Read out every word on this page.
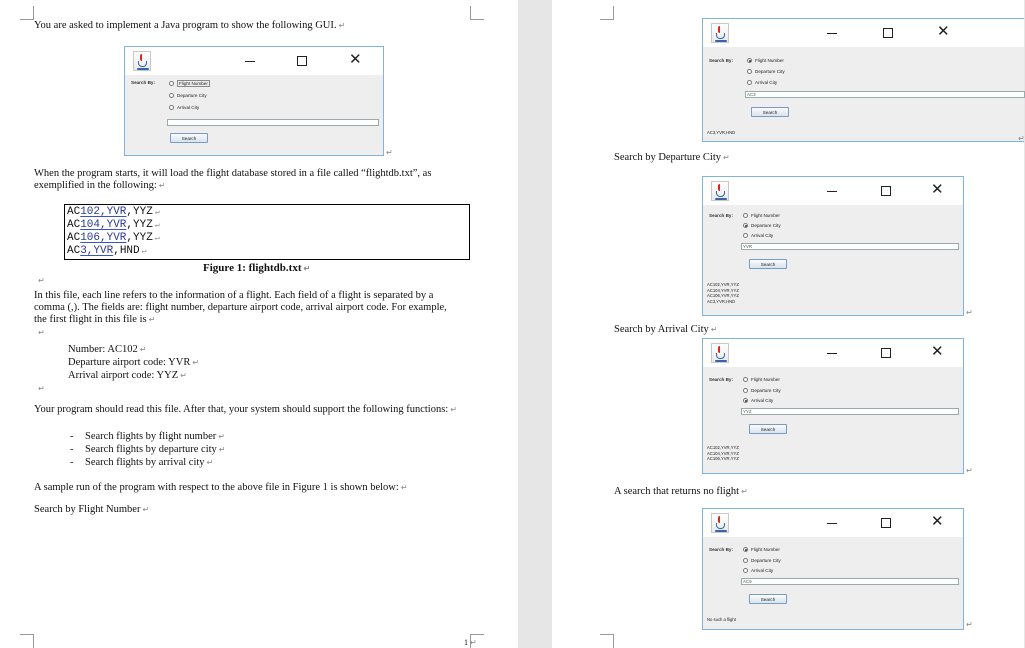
You are asked to implement a Java program to show the following GUI. ↵
✕
Search By:	Flight Number
Departure City
Arrival City
Search
↵
When the program starts, it will load the flight database stored in a file called “flightdb.txt”, as
exemplified in the following: ↵
AC102,YVR,YYZ ↵
AC104,YVR,YYZ ↵
AC106,YVR,YYZ ↵
AC3,YVR,HND ↵
Figure 1: flightdb.txt ↵
↵
In this file, each line refers to the information of a flight. Each field of a flight is separated by a
comma (,). The fields are: flight number, departure airport code, arrival airport code. For example,
the first flight in this file is ↵
↵
Number: AC102 ↵
Departure airport code: YVR ↵
Arrival airport code: YYZ ↵
↵
Your program should read this file. After that, your system should support the following functions: ↵
- Search flights by flight number ↵
- Search flights by departure city ↵
- Search flights by arrival city ↵
A sample run of the program with respect to the above file in Figure 1 is shown below: ↵
Search by Flight Number ↵
1 ↵
✕
Search By:	Flight Number
Departure City
Arrival City
AC3
Search
AC3,YVR,HND
↵
Search by Departure City ↵
✕
Search By:	Flight Number
Departure City
Arrival City
YVR
Search
AC102,YVR,YYZ
AC104,YVR,YYZ
AC106,YVR,YYZ
AC3,YVR,HND
↵
Search by Arrival City ↵
✕
Search By:	Flight Number
Departure City
Arrival City
YYZ
Search
AC102,YVR,YYZ
AC104,YVR,YYZ
AC106,YVR,YYZ
↵
A search that returns no flight ↵
✕
Search By:	Flight Number
Departure City
Arrival City
AC9
Search
No such a flight
↵
